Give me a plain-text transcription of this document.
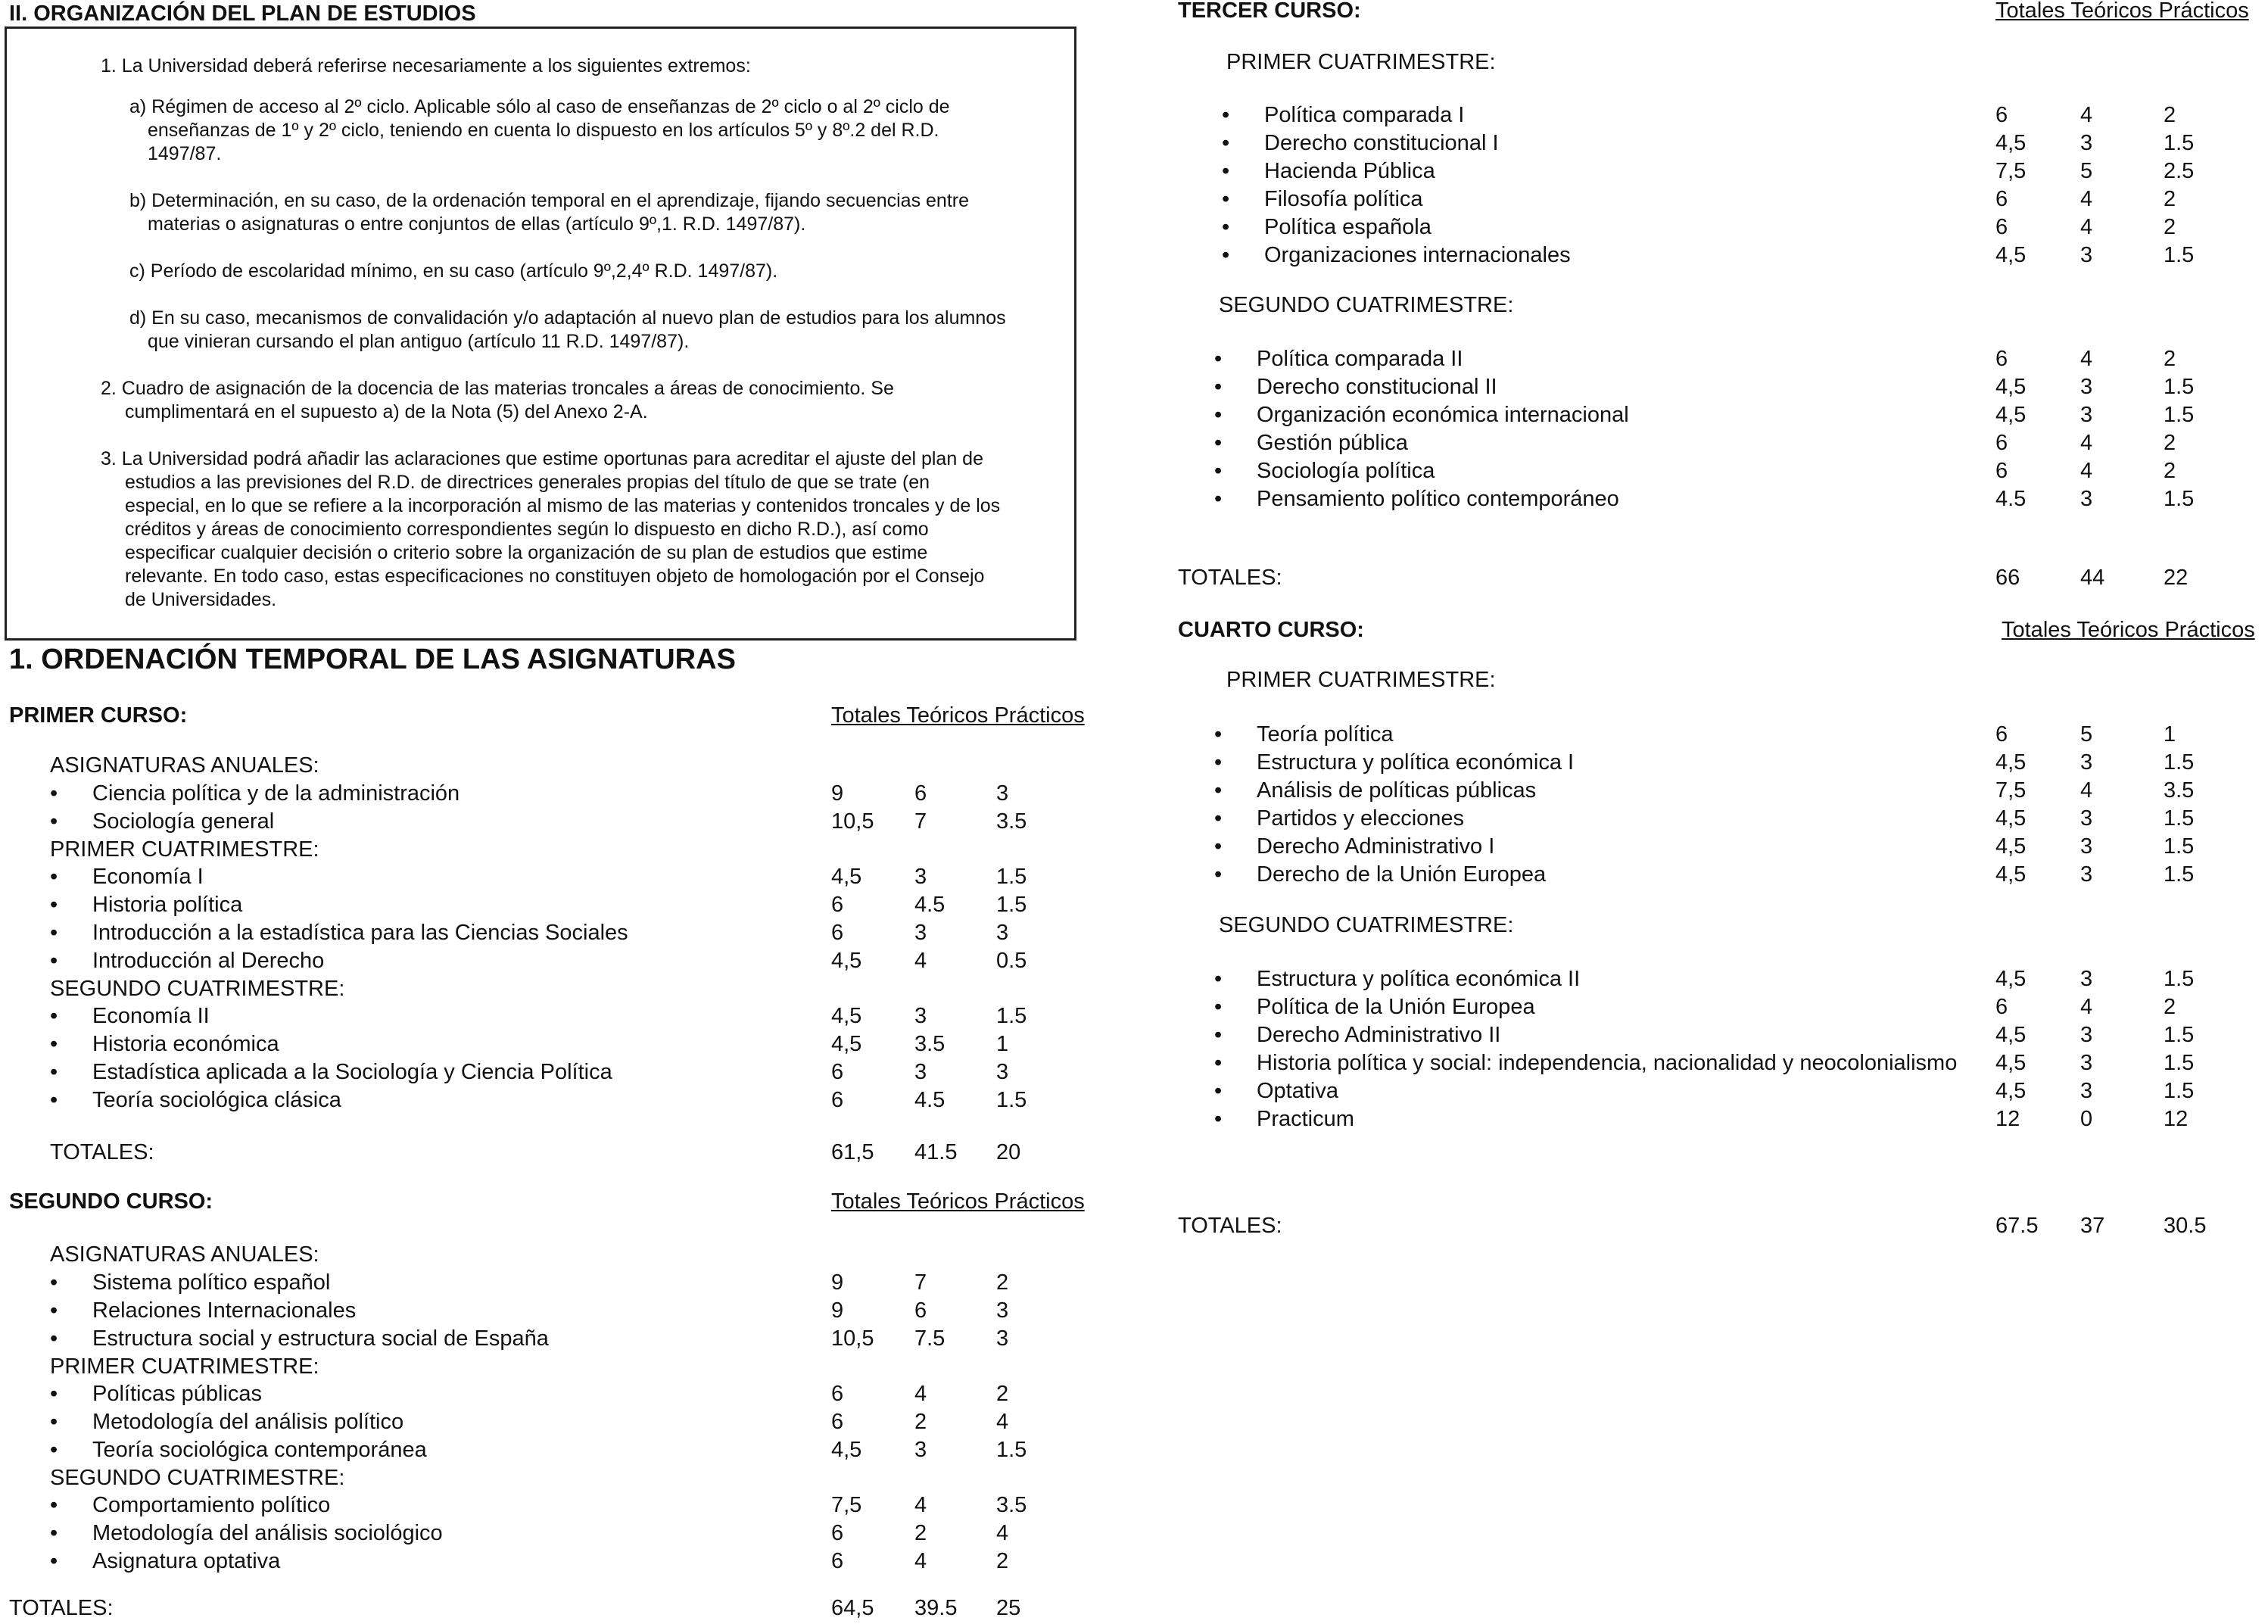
II. ORGANIZACIÓN DEL PLAN DE ESTUDIOS

1. La Universidad deberá referirse necesariamente a los siguientes extremos:

a) Régimen de acceso al 2º ciclo. Aplicable sólo al caso de enseñanzas de 2º ciclo o al 2º ciclo de enseñanzas de 1º y 2º ciclo, teniendo en cuenta lo dispuesto en los artículos 5º y 8º.2 del R.D. 1497/87.

b) Determinación, en su caso, de la ordenación temporal en el aprendizaje, fijando secuencias entre materias o asignaturas o entre conjuntos de ellas (artículo 9º,1. R.D. 1497/87).

c) Período de escolaridad mínimo, en su caso (artículo 9º,2,4º R.D. 1497/87).

d) En su caso, mecanismos de convalidación y/o adaptación al nuevo plan de estudios para los alumnos que vinieran cursando el plan antiguo (artículo 11 R.D. 1497/87).

2. Cuadro de asignación de la docencia de las materias troncales a áreas de conocimiento. Se cumplimentará en el supuesto a) de la Nota (5) del Anexo 2-A.

3. La Universidad podrá añadir las aclaraciones que estime oportunas para acreditar el ajuste del plan de estudios a las previsiones del R.D. de directrices generales propias del título de que se trate (en especial, en lo que se refiere a la incorporación al mismo de las materias y contenidos troncales y de los créditos y áreas de conocimiento correspondientes según lo dispuesto en dicho R.D.), así como especificar cualquier decisión o criterio sobre la organización de su plan de estudios que estime relevante. En todo caso, estas especificaciones no constituyen objeto de homologación por el Consejo de Universidades.

1. ORDENACIÓN TEMPORAL DE LAS ASIGNATURAS
PRIMER CURSO:	Totales Teóricos Prácticos
ASIGNATURAS ANUALES:
• Ciencia política y de la administración	9	6	3
• Sociología general	10,5 7	3.5
PRIMER CUATRIMESTRE:
• Economía I	4,5 3	1.5
• Historia política	6	4.5 1.5
• Introducción a la estadística para las Ciencias Sociales	6	3	3
• Introducción al Derecho	4,5 4	0.5
SEGUNDO CUATRIMESTRE:
• Economía II	4,5 3	1.5
• Historia económica	4,5 3.5 1
• Estadística aplicada a la Sociología y Ciencia Política	6	3	3
• Teoría sociológica clásica	6	4.5 1.5
TOTALES:	61,5 41.5 20
SEGUNDO CURSO:	Totales Teóricos Prácticos
ASIGNATURAS ANUALES:
• Sistema político español	9	7	2
• Relaciones Internacionales	9	6	3
• Estructura social y estructura social de España	10,5 7.5 3
PRIMER CUATRIMESTRE:
• Políticas públicas	6	4	2
• Metodología del análisis político	6	2	4
• Teoría sociológica contemporánea	4,5 3	1.5
SEGUNDO CUATRIMESTRE:
• Comportamiento político	7,5 4	3.5
• Metodología del análisis sociológico	6	2	4
• Asignatura optativa	6	4	2
TOTALES:	64,5 39.5 25
TERCER CURSO:	Totales Teóricos Prácticos
PRIMER CUATRIMESTRE:
• Política comparada I	6	4	2
• Derecho constitucional I	4,5 3	1.5
• Hacienda Pública	7,5 5	2.5
• Filosofía política	6	4	2
• Política española	6	4	2
• Organizaciones internacionales	4,5 3	1.5
SEGUNDO CUATRIMESTRE:
• Política comparada II	6	4	2
• Derecho constitucional II	4,5 3	1.5
• Organización económica internacional	4,5 3	1.5
• Gestión pública	6	4	2
• Sociología política	6	4	2
• Pensamiento político contemporáneo	4.5 3	1.5
TOTALES:	66	44	22
CUARTO CURSO:	Totales Teóricos Prácticos
PRIMER CUATRIMESTRE:
• Teoría política	6	5	1
• Estructura y política económica I	4,5 3	1.5
• Análisis de políticas públicas	7,5 4	3.5
• Partidos y elecciones	4,5 3	1.5
• Derecho Administrativo I	4,5 3	1.5
• Derecho de la Unión Europea	4,5 3	1.5
SEGUNDO CUATRIMESTRE:
• Estructura y política económica II	4,5 3	1.5
• Política de la Unión Europea	6	4	2
• Derecho Administrativo II	4,5 3	1.5
• Historia política y social: independencia, nacionalidad y neocolonialismo 4,5 3	1.5
• Optativa	4,5 3	1.5
• Practicum	12	0	12
TOTALES:	67.5 37	30.5
